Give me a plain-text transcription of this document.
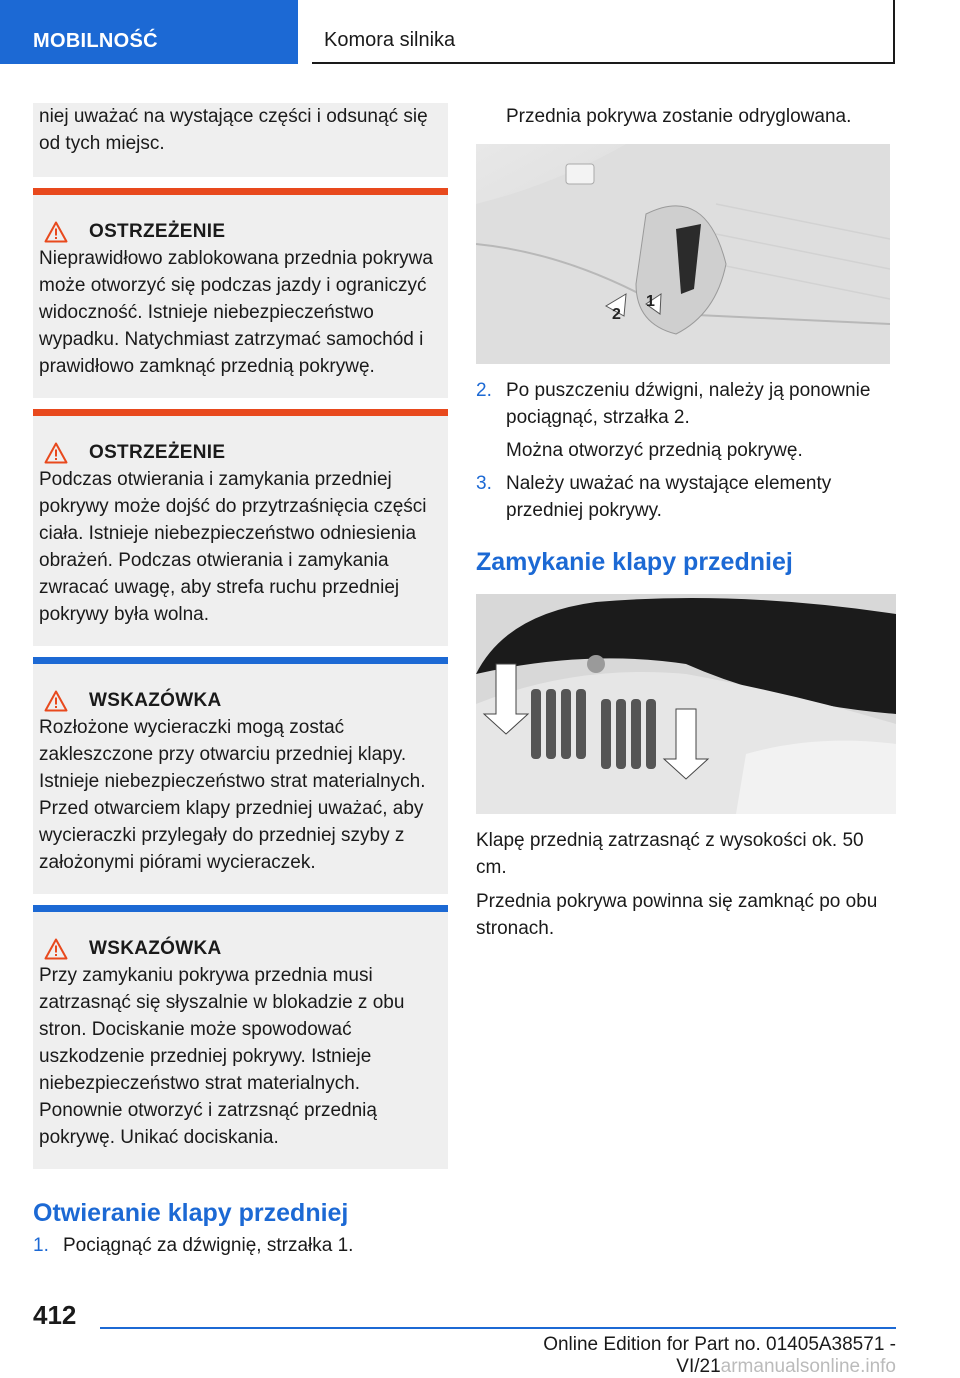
MOBILNOŚĆ	Komora silnika
niej uważać na wystające części i odsunąć się od tych miejsc.
OSTRZEŻENIE
Nieprawidłowo zablokowana przednia pokrywa może otworzyć się podczas jazdy i ograniczyć widoczność. Istnieje niebezpieczeństwo wypadku. Natychmiast zatrzymać samochód i prawidłowo zamknąć przednią pokrywę.
OSTRZEŻENIE
Podczas otwierania i zamykania przedniej pokrywy może dojść do przytrzaśnięcia części ciała. Istnieje niebezpieczeństwo odniesienia obrażeń. Podczas otwierania i zamykania zwracać uwagę, aby strefa ruchu przedniej pokrywy była wolna.
WSKAZÓWKA
Rozłożone wycieraczki mogą zostać zakleszczone przy otwarciu przedniej klapy. Istnieje niebezpieczeństwo strat materialnych. Przed otwarciem klapy przedniej uważać, aby wycieraczki przylegały do przedniej szyby z założonymi piórami wycieraczek.
WSKAZÓWKA
Przy zamykaniu pokrywa przednia musi zatrzasnąć się słyszalnie w blokadzie z obu stron. Dociskanie może spowodować uszkodzenie przedniej pokrywy. Istnieje niebezpieczeństwo strat materialnych. Ponownie otworzyć i zatrzsnąć przednią pokrywę. Unikać dociskania.
Otwieranie klapy przedniej
1. Pociągnąć za dźwignię, strzałka 1.
Przednia pokrywa zostanie odryglowana.
1
2
2. Po puszczeniu dźwigni, należy ją ponownie pociągnąć, strzałka 2.
Można otworzyć przednią pokrywę.
3. Należy uważać na wystające elementy przedniej pokrywy.
Zamykanie klapy przedniej

Klapę przednią zatrzasnąć z wysokości ok. 50 cm.

Przednia pokrywa powinna się zamknąć po obu stronach.

412
Online Edition for Part no. 01405A38571 - VI/21armanualsonline.info
